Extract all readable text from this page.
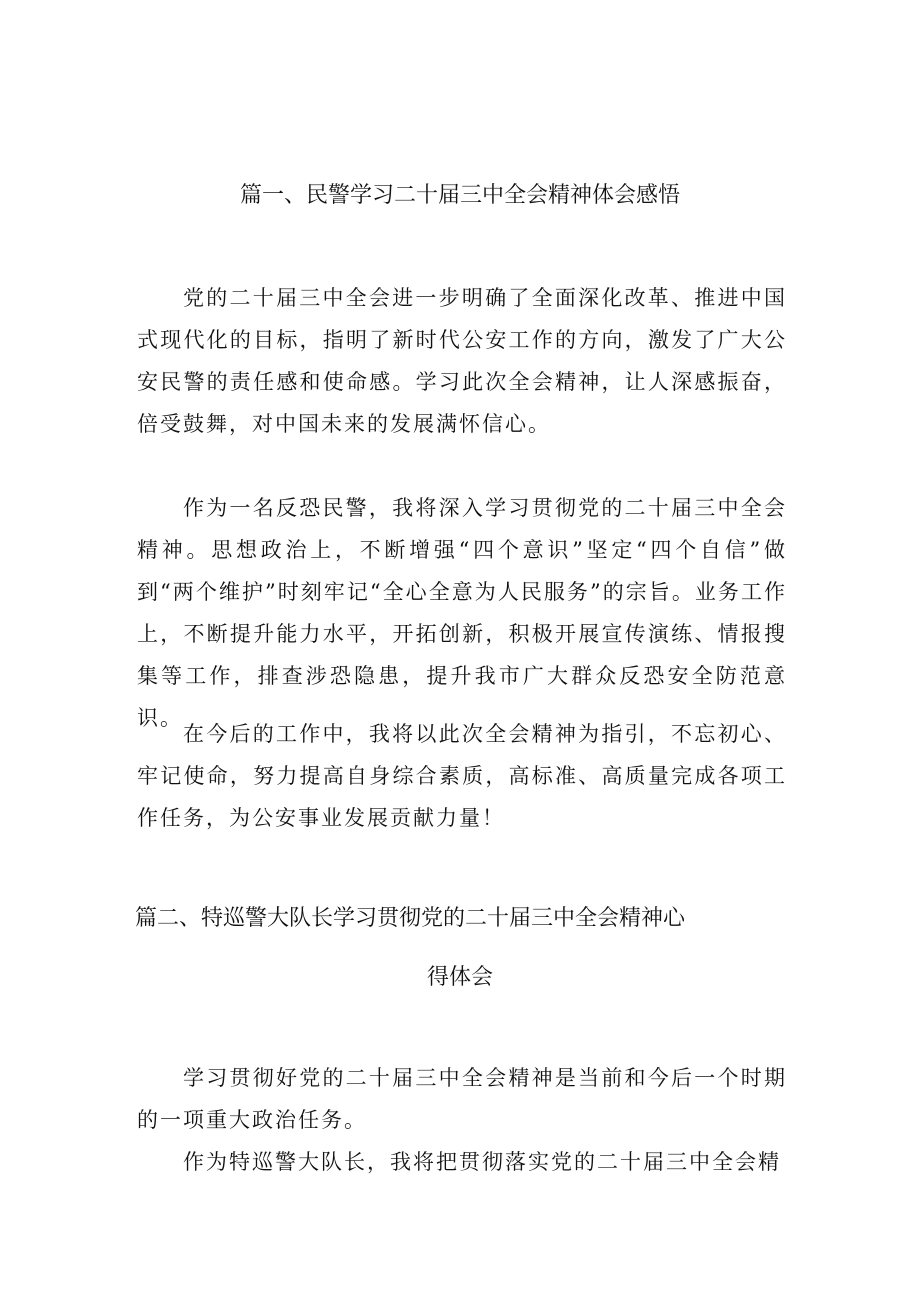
篇一、民警学习二十届三中全会精神体会感悟

党的二十届三中全会进一步明确了全面深化改革、推进中国式现代化的目标，指明了新时代公安工作的方向，激发了广大公安民警的责任感和使命感。学习此次全会精神，让人深感振奋，倍受鼓舞，对中国未来的发展满怀信心。

作为一名反恐民警，我将深入学习贯彻党的二十届三中全会精神。思想政治上，不断增强“四个意识”坚定“四个自信”做到“两个维护”时刻牢记“全心全意为人民服务”的宗旨。业务工作上，不断提升能力水平，开拓创新，积极开展宣传演练、情报搜集等工作，排查涉恐隐患，提升我市广大群众反恐安全防范意识。

在今后的工作中，我将以此次全会精神为指引，不忘初心、牢记使命，努力提高自身综合素质，高标准、高质量完成各项工作任务，为公安事业发展贡献力量！

篇二、特巡警大队长学习贯彻党的二十届三中全会精神心
得体会

学习贯彻好党的二十届三中全会精神是当前和今后一个时期的一项重大政治任务。

作为特巡警大队长，我将把贯彻落实党的二十届三中全会精
